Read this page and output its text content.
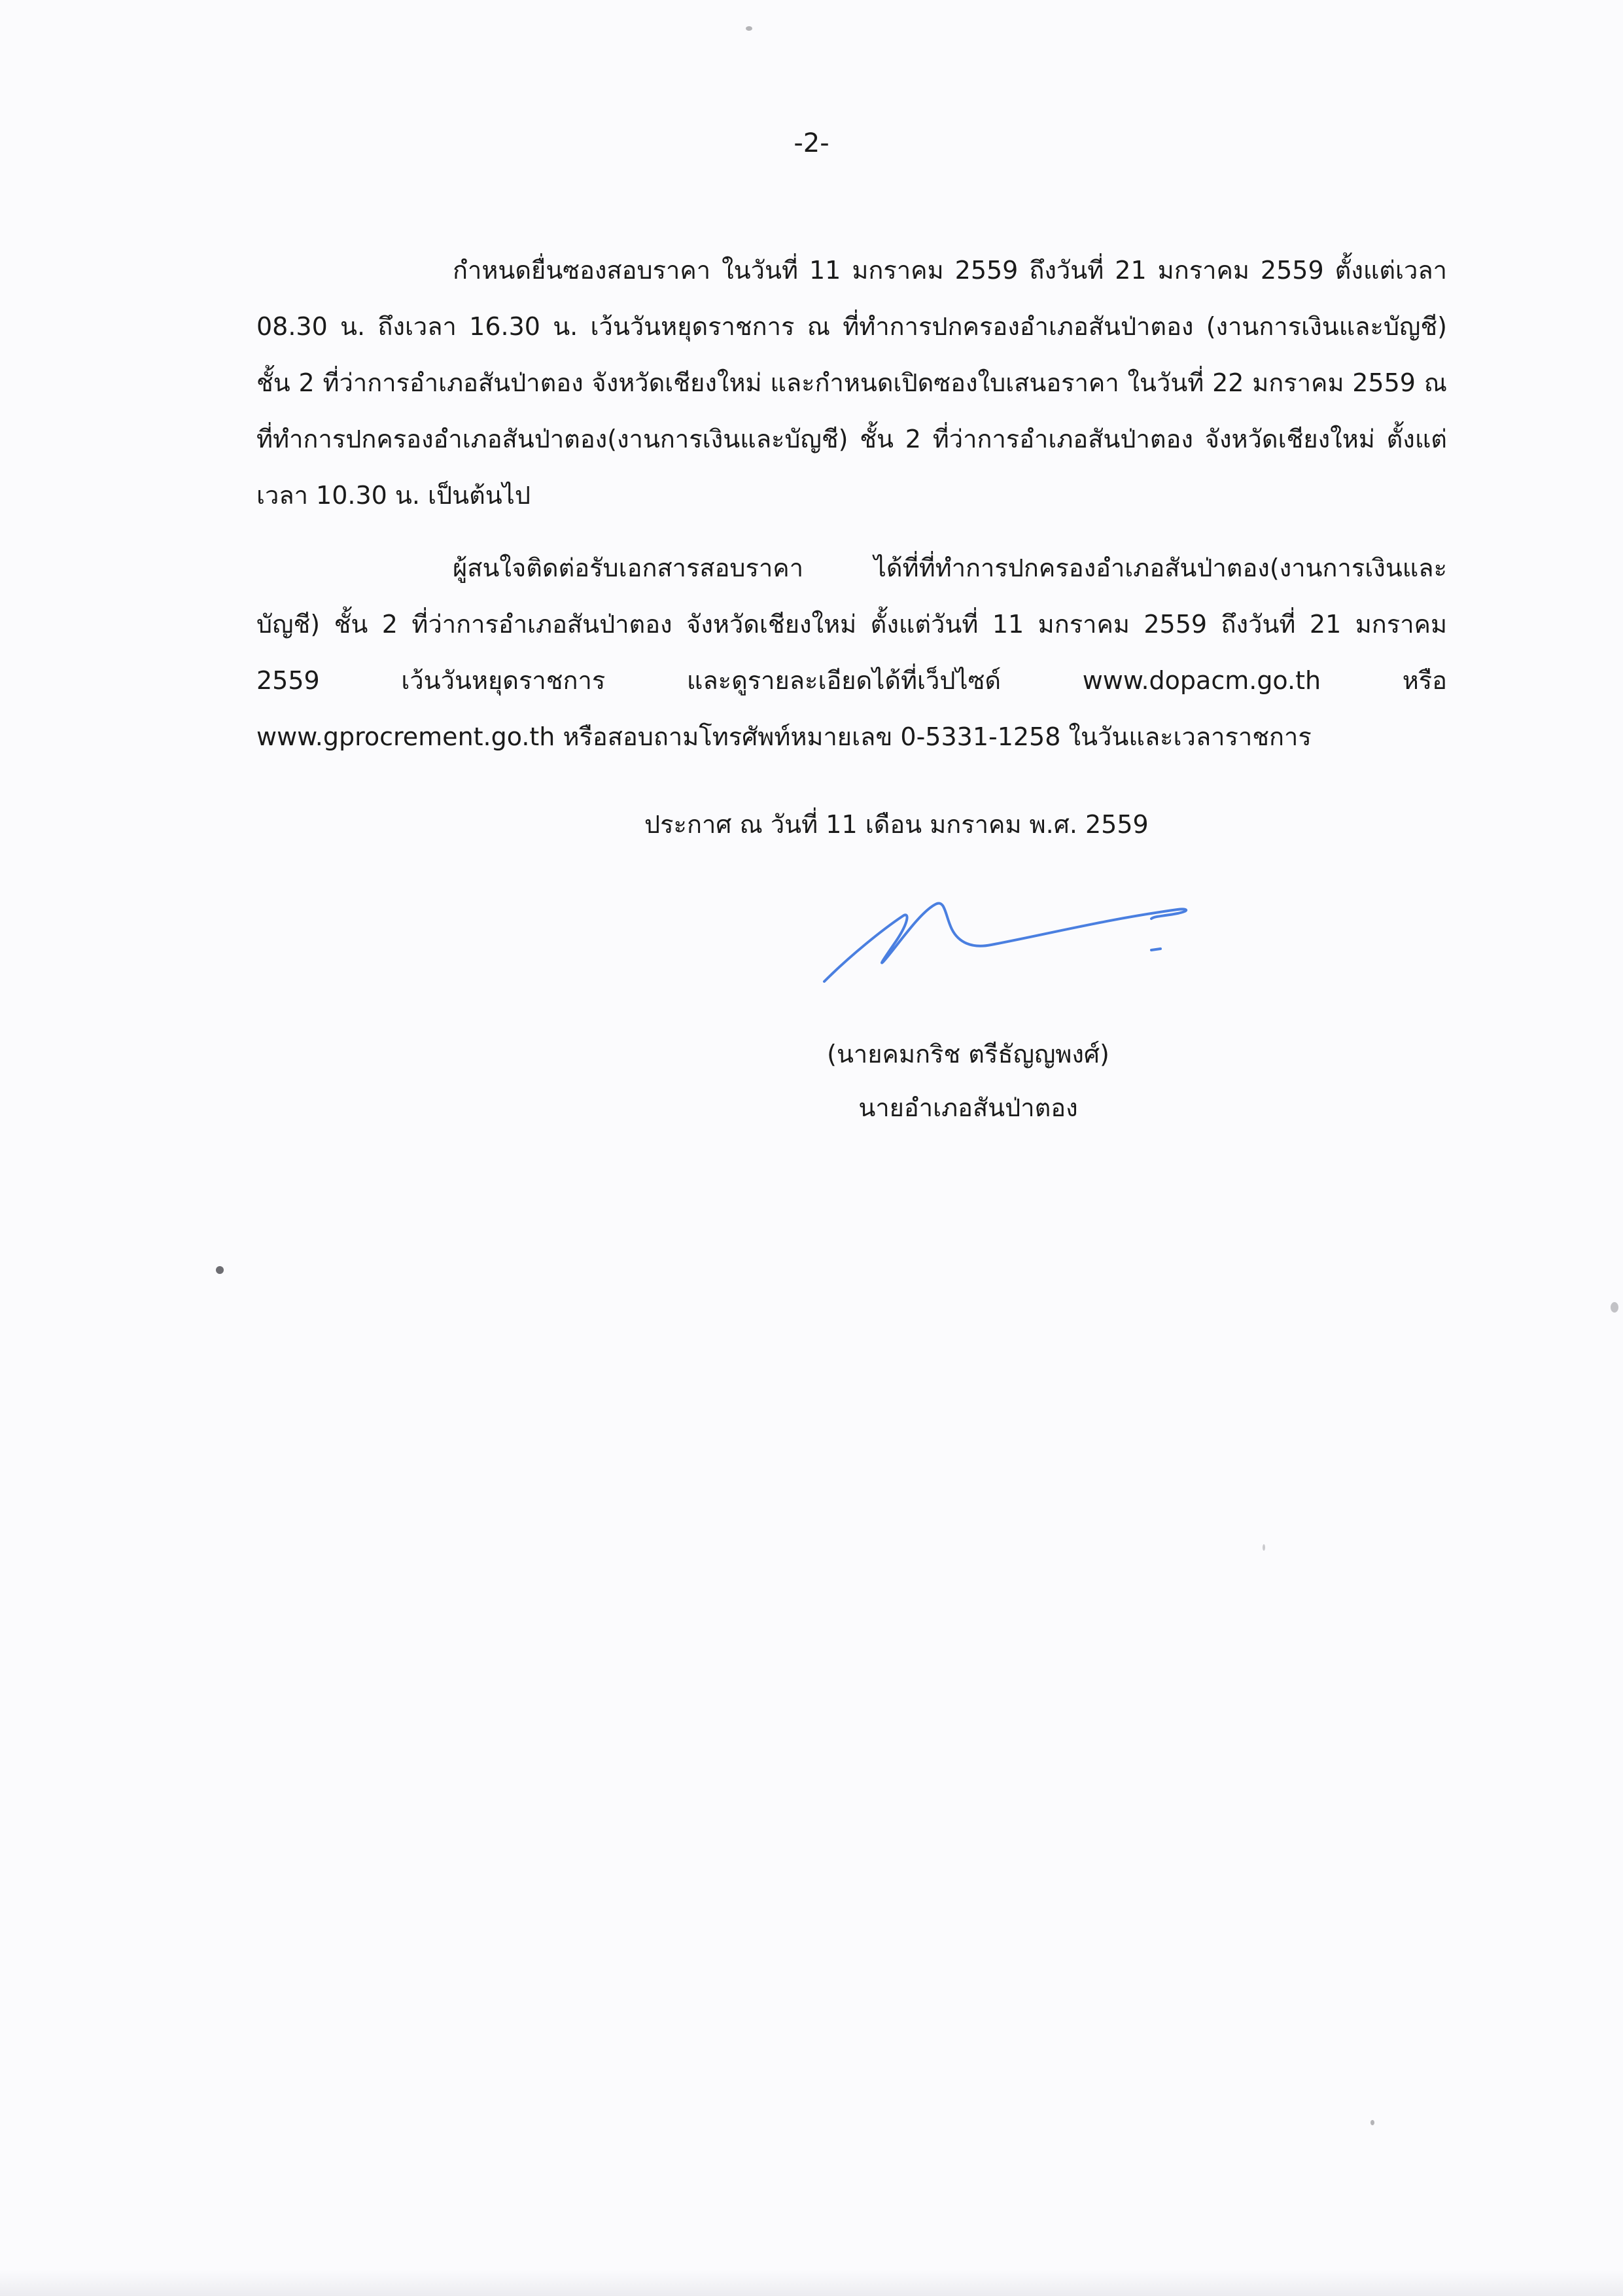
-2-

กำหนดยื่นซองสอบราคา ในวันที่ 11 มกราคม 2559 ถึงวันที่ 21 มกราคม 2559 ตั้งแต่เวลา 08.30 น. ถึงเวลา 16.30 น. เว้นวันหยุดราชการ ณ ที่ทำการปกครองอำเภอสันป่าตอง (งานการเงินและบัญชี) ชั้น 2 ที่ว่าการอำเภอสันป่าตอง จังหวัดเชียงใหม่ และกำหนดเปิดซองใบเสนอราคา ในวันที่ 22 มกราคม 2559 ณ ที่ทำการปกครองอำเภอสันป่าตอง(งานการเงินและบัญชี) ชั้น 2 ที่ว่าการอำเภอสันป่าตอง จังหวัดเชียงใหม่ ตั้งแต่เวลา 10.30 น. เป็นต้นไป

ผู้สนใจติดต่อรับเอกสารสอบราคา ได้ที่ที่ทำการปกครองอำเภอสันป่าตอง(งานการเงินและบัญชี) ชั้น 2 ที่ว่าการอำเภอสันป่าตอง จังหวัดเชียงใหม่ ตั้งแต่วันที่ 11 มกราคม 2559 ถึงวันที่ 21 มกราคม 2559 เว้นวันหยุดราชการ และดูรายละเอียดได้ที่เว็ปไซด์ www.dopacm.go.th หรือ www.gprocrement.go.th หรือสอบถามโทรศัพท์หมายเลข 0-5331-1258 ในวันและเวลาราชการ

ประกาศ ณ วันที่ 11 เดือน มกราคม พ.ศ. 2559
(นายคมกริช ตรีธัญญพงศ์)
นายอำเภอสันป่าตอง
